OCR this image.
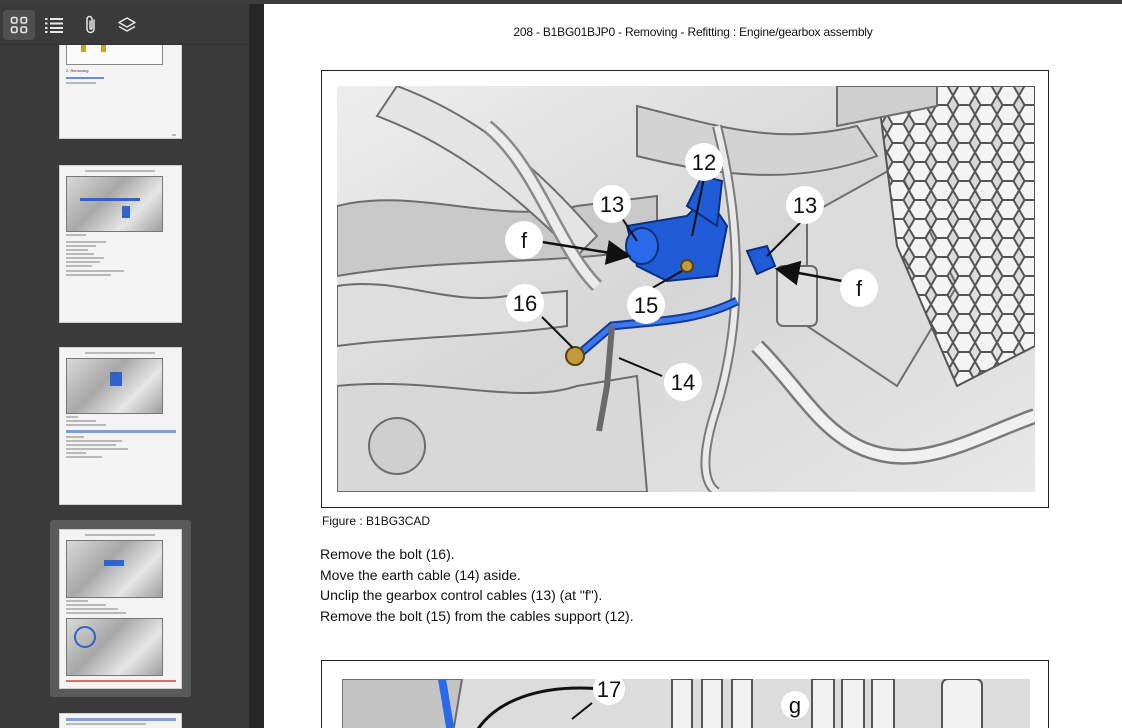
2. Removing
208 - B1BG01BJP0 - Removing - Refitting : Engine/gearbox assembly
12
13	13
f
f
15
16
14
Figure : B1BG3CAD
Remove the bolt (16).
Move the earth cable (14) aside.
Unclip the gearbox control cables (13) (at "f").
Remove the bolt (15) from the cables support (12).
17
g
